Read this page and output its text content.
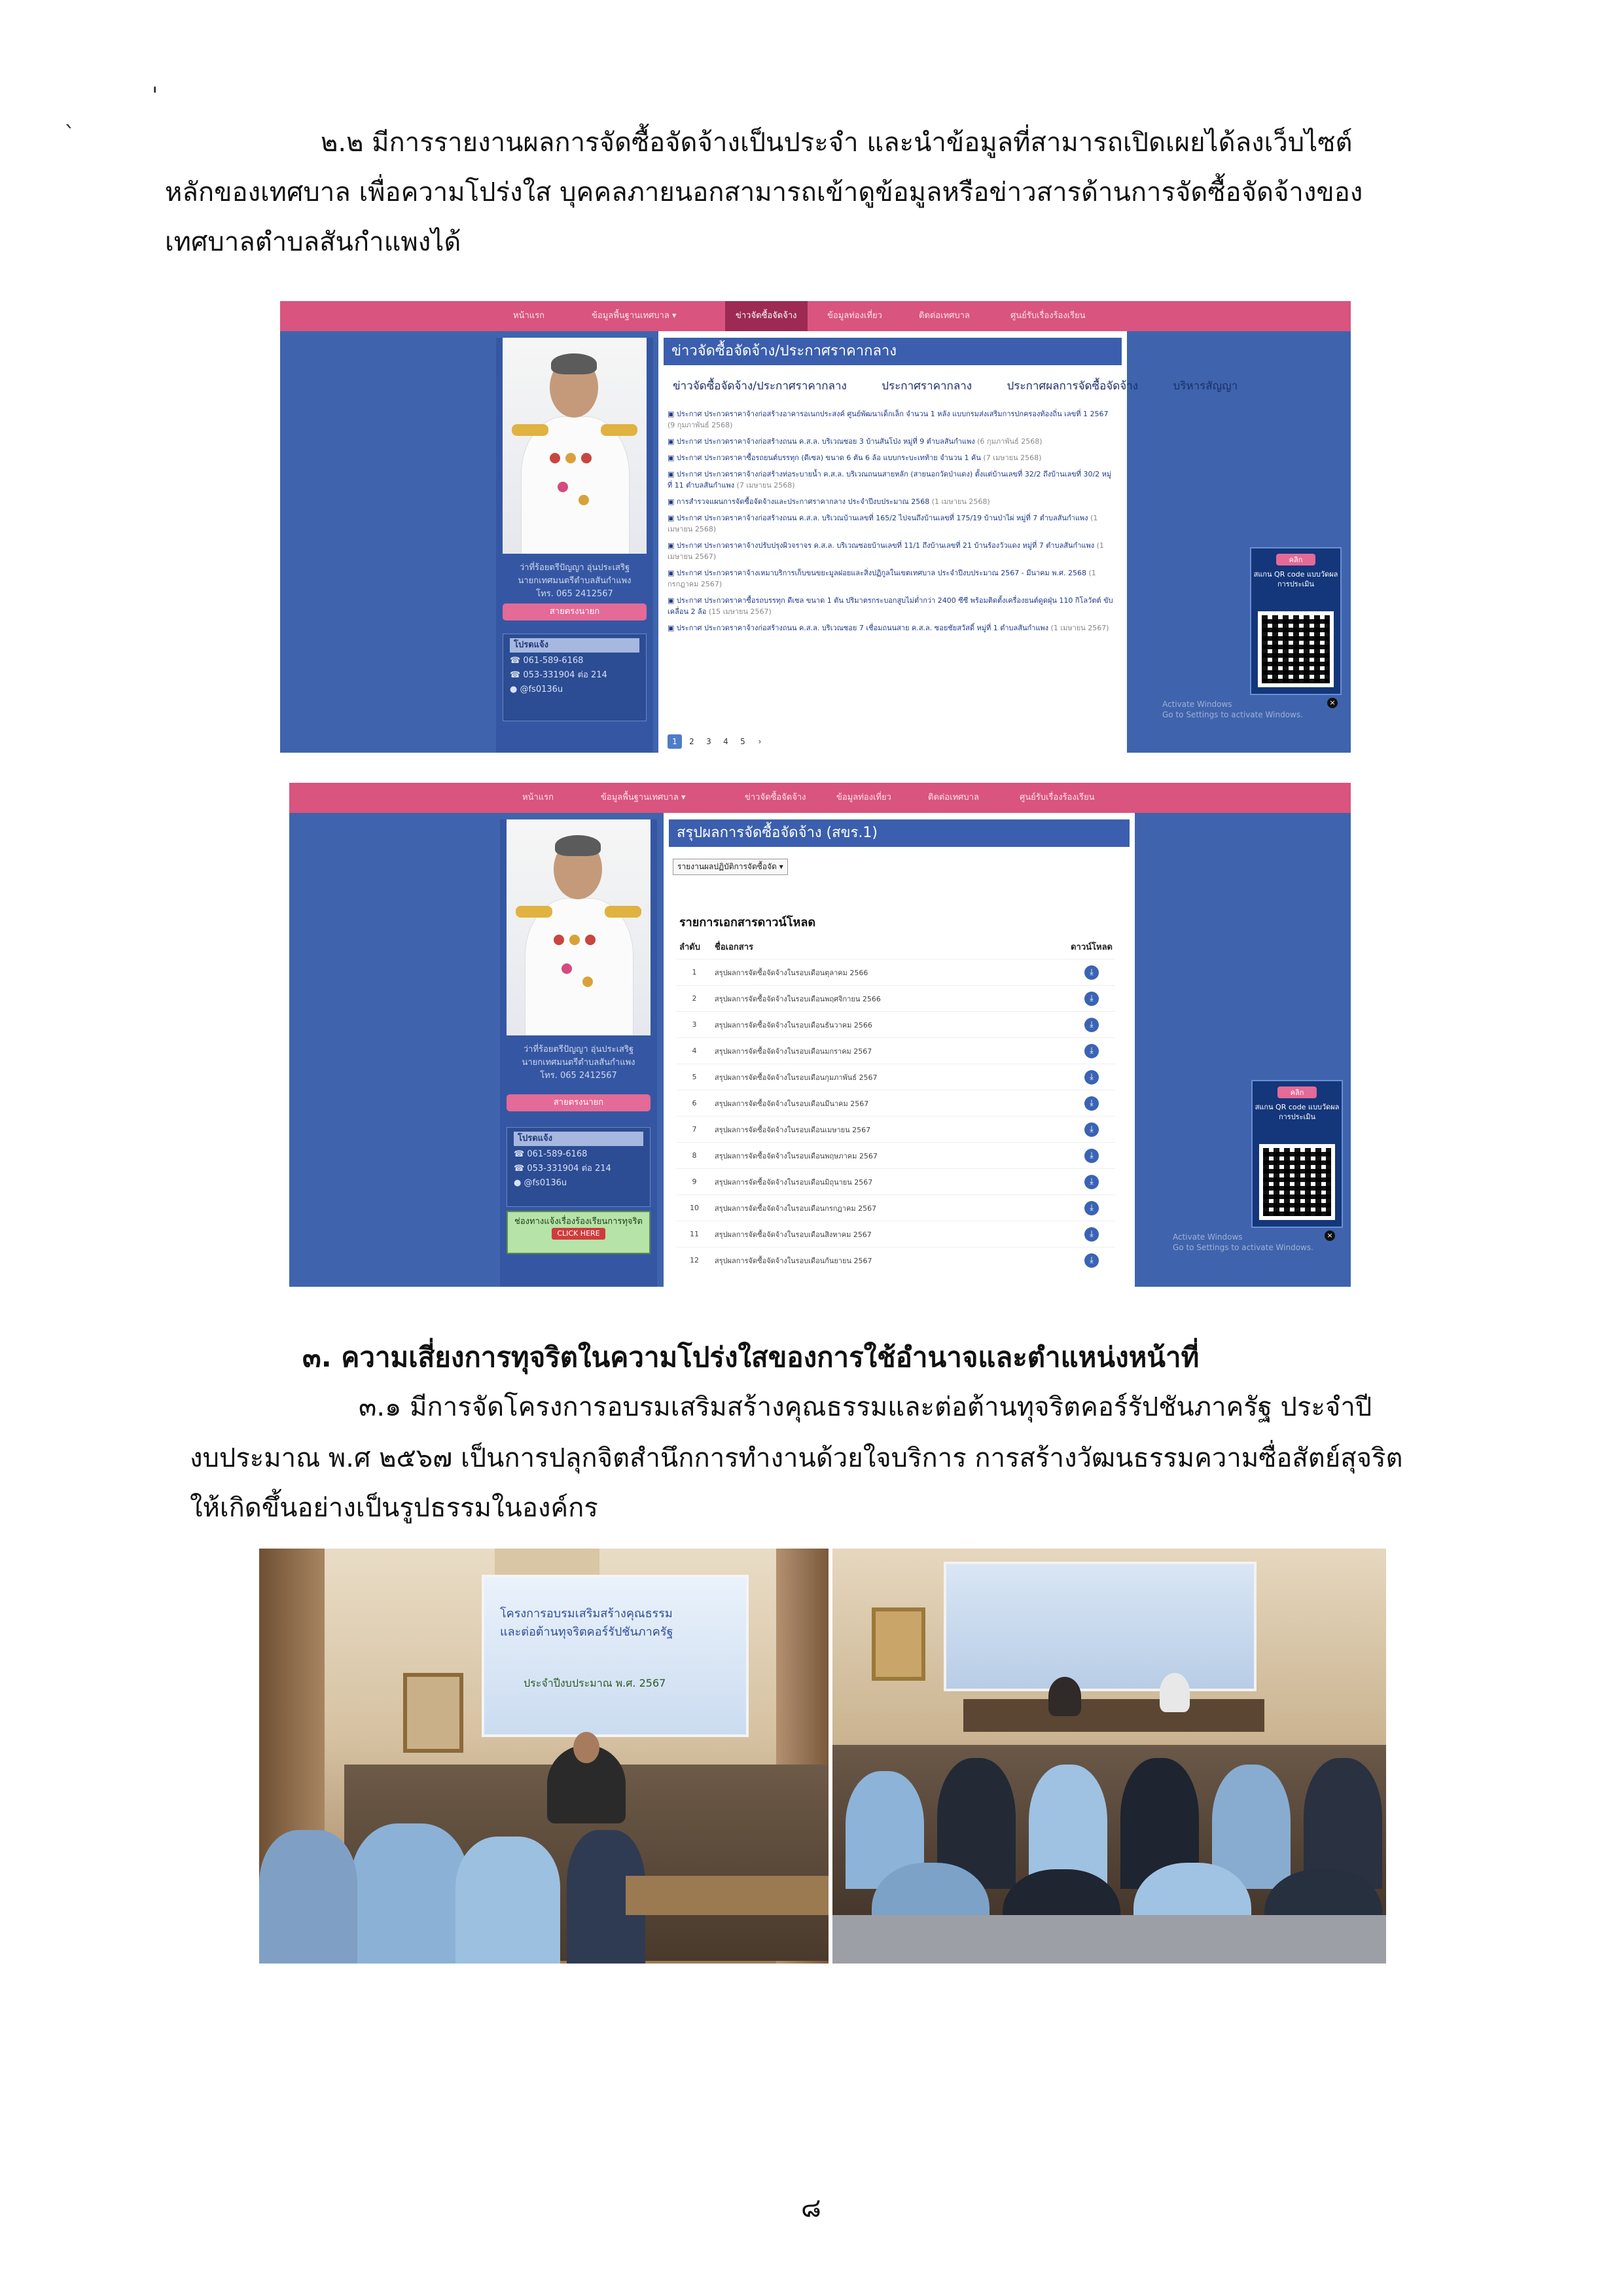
'
`	๒.๒ มีการรายงานผลการจัดซื้อจัดจ้างเป็นประจำ และนำข้อมูลที่สามารถเปิดเผยได้ลงเว็บไซต์
หลักของเทศบาล เพื่อความโปร่งใส บุคคลภายนอกสามารถเข้าดูข้อมูลหรือข่าวสารด้านการจัดซื้อจัดจ้างของ
เทศบาลตำบลสันกำแพงได้
หน้าแรก	ข้อมูลพื้นฐานเทศบาล ▾	ข่าวจัดซื้อจัดจ้าง	ข้อมูลท่องเที่ยว	ติดต่อเทศบาล	ศูนย์รับเรื่องร้องเรียน
ว่าที่ร้อยตรีปัญญา อุ่นประเสริฐ
นายกเทศมนตรีตำบลสันกำแพง
โทร. 065 2412567
สายตรงนายก
โปรดแจ้ง
☎ 061-589-6168
☎ 053-331904 ต่อ 214
● @fs0136u
ข่าวจัดซื้อจัดจ้าง/ประกาศราคากลาง
ข่าวจัดซื้อจัดจ้าง/ประกาศราคากลาง	ประกาศราคากลาง	ประกาศผลการจัดซื้อจัดจ้าง	บริหารสัญญา
▣ ประกาศ ประกวดราคาจ้างก่อสร้างอาคารอเนกประสงค์ ศูนย์พัฒนาเด็กเล็ก จำนวน 1 หลัง แบบกรมส่งเสริมการปกครองท้องถิ่น เลขที่ 1 2567 (9 กุมภาพันธ์ 2568)
▣ ประกาศ ประกวดราคาจ้างก่อสร้างถนน ค.ส.ล. บริเวณซอย 3 บ้านสันโป่ง หมู่ที่ 9 ตำบลสันกำแพง (6 กุมภาพันธ์ 2568)
▣ ประกาศ ประกวดราคาซื้อรถยนต์บรรทุก (ดีเซล) ขนาด 6 ตัน 6 ล้อ แบบกระบะเทท้าย จำนวน 1 คัน (7 เมษายน 2568)
▣ ประกาศ ประกวดราคาจ้างก่อสร้างท่อระบายน้ำ ค.ส.ล. บริเวณถนนสายหลัก (สายนอกวัดป่าแดง) ตั้งแต่บ้านเลขที่ 32/2 ถึงบ้านเลขที่ 30/2 หมู่ที่ 11 ตำบลสันกำแพง (7 เมษายน 2568)
▣ การสำรวจแผนการจัดซื้อจัดจ้างและประกาศราคากลาง ประจำปีงบประมาณ 2568 (1 เมษายน 2568)
▣ ประกาศ ประกวดราคาจ้างก่อสร้างถนน ค.ส.ล. บริเวณบ้านเลขที่ 165/2 ไปจนถึงบ้านเลขที่ 175/19 บ้านป่าไผ่ หมู่ที่ 7 ตำบลสันกำแพง (1 เมษายน 2568)
▣ ประกาศ ประกวดราคาจ้างปรับปรุงผิวจราจร ค.ส.ล. บริเวณซอยบ้านเลขที่ 11/1 ถึงบ้านเลขที่ 21 บ้านร้องวัวแดง หมู่ที่ 7 ตำบลสันกำแพง (1 เมษายน 2567)
▣ ประกาศ ประกวดราคาจ้างเหมาบริการเก็บขนขยะมูลฝอยและสิ่งปฏิกูลในเขตเทศบาล ประจำปีงบประมาณ 2567 - มีนาคม พ.ศ. 2568 (1 กรกฎาคม 2567)
▣ ประกาศ ประกวดราคาซื้อรถบรรทุก ดีเซล ขนาด 1 ตัน ปริมาตรกระบอกสูบไม่ต่ำกว่า 2400 ซีซี พร้อมติดตั้งเครื่องยนต์ดูดฝุ่น 110 กิโลวัตต์ ขับเคลื่อน 2 ล้อ (15 เมษายน 2567)
▣ ประกาศ ประกวดราคาจ้างก่อสร้างถนน ค.ส.ล. บริเวณซอย 7 เชื่อมถนนสาย ค.ส.ล. ซอยชัยสวัสดิ์ หมู่ที่ 1 ตำบลสันกำแพง (1 เมษายน 2567)
1 2 3 4 5 ›
คลิก
สแกน QR code แบบวัดผลการประเมิน
Activate Windows
Go to Settings to activate Windows.
×
หน้าแรก	ข้อมูลพื้นฐานเทศบาล ▾	ข่าวจัดซื้อจัดจ้าง	ข้อมูลท่องเที่ยว	ติดต่อเทศบาล	ศูนย์รับเรื่องร้องเรียน
ว่าที่ร้อยตรีปัญญา อุ่นประเสริฐ
นายกเทศมนตรีตำบลสันกำแพง
โทร. 065 2412567
สายตรงนายก
โปรดแจ้ง
☎ 061-589-6168
☎ 053-331904 ต่อ 214
● @fs0136u
ช่องทางแจ้งเรื่องร้องเรียนการทุจริต
CLICK HERE
สรุปผลการจัดซื้อจัดจ้าง (สขร.1)
รายงานผลปฏิบัติการจัดซื้อจัด ▾
รายการเอกสารดาวน์โหลด
ลำดับ	ชื่อเอกสาร	ดาวน์โหลด
1	สรุปผลการจัดซื้อจัดจ้างในรอบเดือนตุลาคม 2566	⤓
2	สรุปผลการจัดซื้อจัดจ้างในรอบเดือนพฤศจิกายน 2566	⤓
3	สรุปผลการจัดซื้อจัดจ้างในรอบเดือนธันวาคม 2566	⤓
4	สรุปผลการจัดซื้อจัดจ้างในรอบเดือนมกราคม 2567	⤓
5	สรุปผลการจัดซื้อจัดจ้างในรอบเดือนกุมภาพันธ์ 2567	⤓
6	สรุปผลการจัดซื้อจัดจ้างในรอบเดือนมีนาคม 2567	⤓
7	สรุปผลการจัดซื้อจัดจ้างในรอบเดือนเมษายน 2567	⤓
8	สรุปผลการจัดซื้อจัดจ้างในรอบเดือนพฤษภาคม 2567	⤓
9	สรุปผลการจัดซื้อจัดจ้างในรอบเดือนมิถุนายน 2567	⤓
10	สรุปผลการจัดซื้อจัดจ้างในรอบเดือนกรกฎาคม 2567	⤓
11	สรุปผลการจัดซื้อจัดจ้างในรอบเดือนสิงหาคม 2567	⤓
12	สรุปผลการจัดซื้อจัดจ้างในรอบเดือนกันยายน 2567	⤓
คลิก
สแกน QR code แบบวัดผลการประเมิน
Activate Windows
Go to Settings to activate Windows.
×
๓. ความเสี่ยงการทุจริตในความโปร่งใสของการใช้อำนาจและตำแหน่งหน้าที่
๓.๑ มีการจัดโครงการอบรมเสริมสร้างคุณธรรมและต่อต้านทุจริตคอร์รัปชันภาครัฐ ประจำปี
งบประมาณ พ.ศ ๒๕๖๗ เป็นการปลุกจิตสำนึกการทำงานด้วยใจบริการ การสร้างวัฒนธรรมความซื่อสัตย์สุจริต
ให้เกิดขึ้นอย่างเป็นรูปธรรมในองค์กร
โครงการอบรมเสริมสร้างคุณธรรม
และต่อต้านทุจริตคอร์รัปชันภาครัฐ
ประจำปีงบประมาณ พ.ศ. 2567
๘
